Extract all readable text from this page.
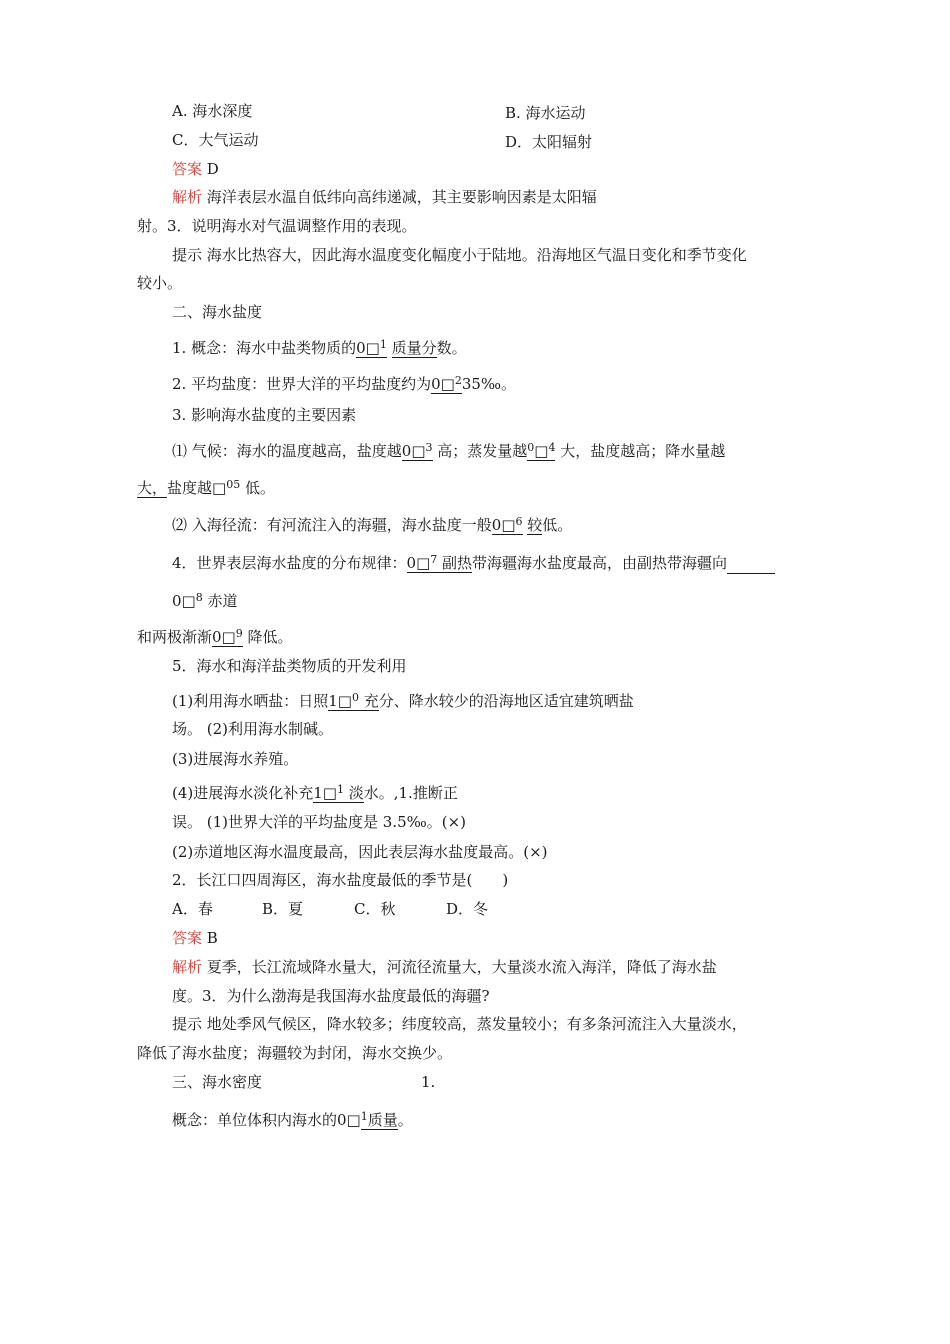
A. 海水深度	B. 海水运动
C．大气运动	D．太阳辐射
答案 D
解析 海洋表层水温自低纬向高纬递减，其主要影响因素是太阳辐
射。3．说明海水对气温调整作用的表现。
提示 海水比热容大，因此海水温度变化幅度小于陆地。沿海地区气温日变化和季节变化
较小。
二、海水盐度
1. 概念：海水中盐类物质的0□$^1$ 质量分数。
2. 平均盐度：世界大洋的平均盐度约为0□$^2$35‰。
3. 影响海水盐度的主要因素
⑴ 气候：海水的温度越高，盐度越0□$^3$ 高；蒸发量越$^0$□$^4$ 大，盐度越高；降水量越
大，盐度越□$^{05}$ 低。
⑵ 入海径流：有河流注入的海疆，海水盐度一般0□$^6$ 较低。
4．世界表层海水盐度的分布规律：0□$^7$ 副热带海疆海水盐度最高，由副热带海疆向
0□$^8$ 赤道
和两极渐渐0□$^9$ 降低。
5．海水和海洋盐类物质的开发利用
(1)利用海水晒盐：日照1□$^0$ 充分、降水较少的沿海地区适宜建筑晒盐
场。 (2)利用海水制碱。
(3)进展海水养殖。
(4)进展海水淡化补充1□$^1$ 淡水。,1.推断正
误。 (1)世界大洋的平均盐度是 3.5‰。(×)
(2)赤道地区海水温度最高，因此表层海水盐度最高。(×)
2．长江口四周海区，海水盐度最低的季节是(　　)
A．春	B．夏	C．秋	D．冬
答案 B
解析 夏季，长江流域降水量大，河流径流量大，大量淡水流入海洋，降低了海水盐
度。3．为什么渤海是我国海水盐度最低的海疆?
提示 地处季风气候区，降水较多；纬度较高，蒸发量较小；有多条河流注入大量淡水，
降低了海水盐度；海疆较为封闭，海水交换少。
三、海水密度	1.
概念：单位体积内海水的0□$^1$质量。
